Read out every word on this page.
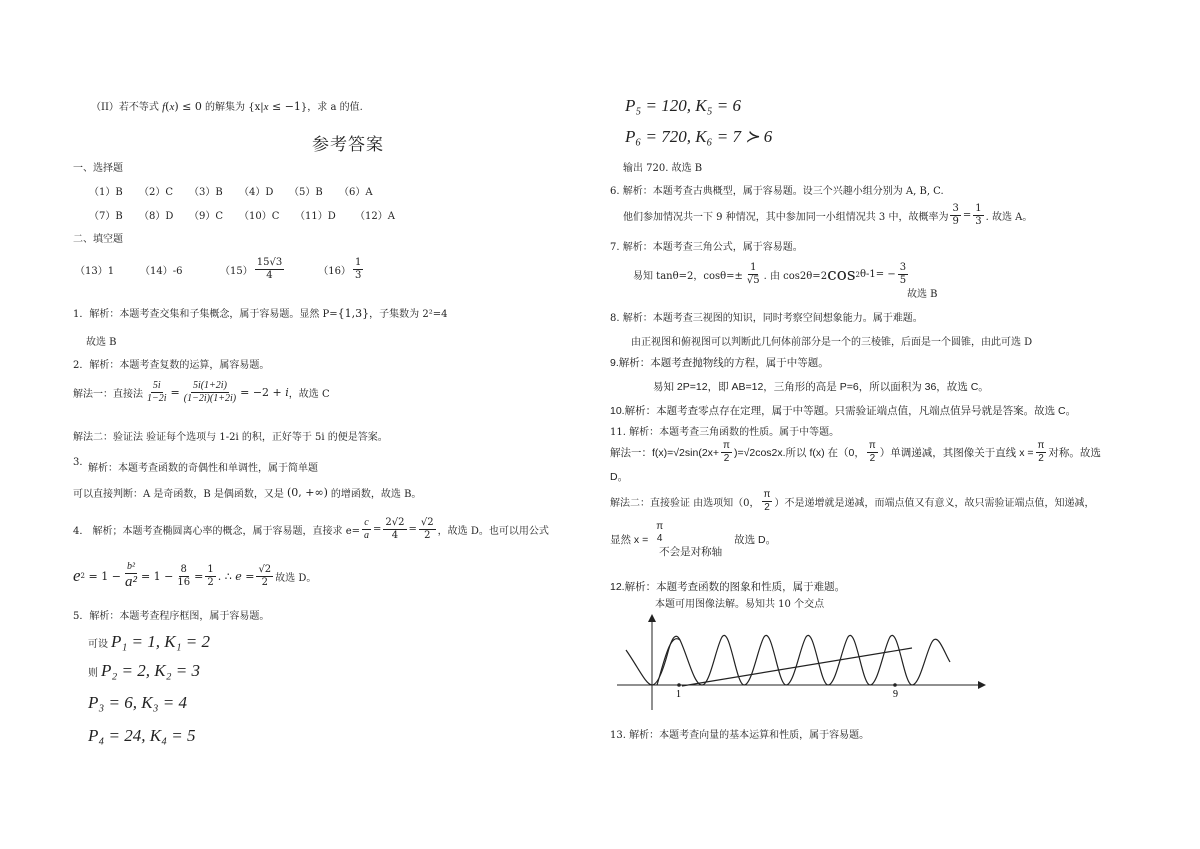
（II）若不等式 f(x) ≤ 0 的解集为 {x|x ≤ −1}，求 a 的值.
参考答案
一、选择题
（1）B （2）C （3）B （4）D （5）B （6）A
（7）B （8）D （9）C （10）C （11）D （12）A
二、填空题
（13）1	（14）-6	$(15) \frac{15√3}{4}$	$(16) \frac{1}{3}$
1．解析：本题考查交集和子集概念，属于容易题。显然 P={1,3}，子集数为 2²=4
故选 B
2．解析：本题考查复数的运算，属容易题。
解法一：直接法 $\frac{5i}{1-2i} = \frac{5i(1+2i)}{(1-2i)(1+2i)} = -2 + i$ ，故选 C
解法二：验证法 验证每个选项与 1-2i 的积，正好等于 5i 的便是答案。
3．
解析：本题考查函数的奇偶性和单调性，属于简单题
可以直接判断：A 是奇函数，B 是偶函数，又是 (0, +∞) 的增函数，故选 B。
4． 解析；本题考查椭圆离心率的概念，属于容易题，直接求 $e= \frac{c}{a} = \frac{2√2}{4} = \frac{√2}{2}$ ，故选 D。也可以用公式
e $2 = 1 - \frac{\text{b²}}{\text{a²}} = 1 - \frac{8}{16} = \frac{1}{2}$ . ∴ $e = \frac{√2}{2}$ 故选 D。
5．解析：本题考查程序框图，属于容易题。
可设 P₁ = 1, K₁ = 2
则 P₂ = 2, K₂ = 3
P₃ = 6, K₃ = 4
P₄ = 24, K₄ = 5
P₅ = 120, K₅ = 6
P₆ = 720, K₆ = 7 ≻ 6
输出 720. 故选 B
6. 解析：本题考查古典概型，属于容易题。设三个兴趣小组分别为 A, B, C.
他们参加情况共一下 9 种情况，其中参加同一小组情况共 3 中，故概率为 $\frac{3}{9} = \frac{1}{3}$ . 故选 A。
7. 解析：本题考查三角公式，属于容易题。
易知 tanθ=2，$\cos\theta=\pm \frac{1}{√5}$ . 由 cos2θ=2 cos 2 $\theta-1= - \frac{3}{5}$
故选 B
8. 解析：本题考查三视图的知识，同时考察空间想象能力。属于难题。
由正视图和俯视图可以判断此几何体前部分是一个的三棱锥，后面是一个圆锥，由此可选 D
9.解析：本题考查抛物线的方程，属于中等题。
易知 2P=12，即 AB=12，三角形的高是 P=6，所以面积为 36，故选 C。
10.解析：本题考查零点存在定理，属于中等题。只需验证端点值，凡端点值异号就是答案。故选 C。
11. 解析：本题考查三角函数的性质。属于中等题。
解法一：f(x)= √2 $\sin(2x+ \frac{\pi}{2}$ )= √2 cos2x.所以 f(x) 在（0， $\frac{\pi}{2}$ ）单调递减，其图像关于直线 $x = \frac{\pi}{2}$ 对称。故选
D。
解法二：直接验证 由选项知（0， $\frac{\pi}{2}$ ）不是递增就是递减，而端点值又有意义，故只需验证端点值，知递减，
显然 x =
π
4
不会是对称轴
故选 D。
12.解析：本题考查函数的图象和性质，属于难题。
本题可用图像法解。易知共 10 个交点
1	9
13. 解析：本题考查向量的基本运算和性质，属于容易题。
